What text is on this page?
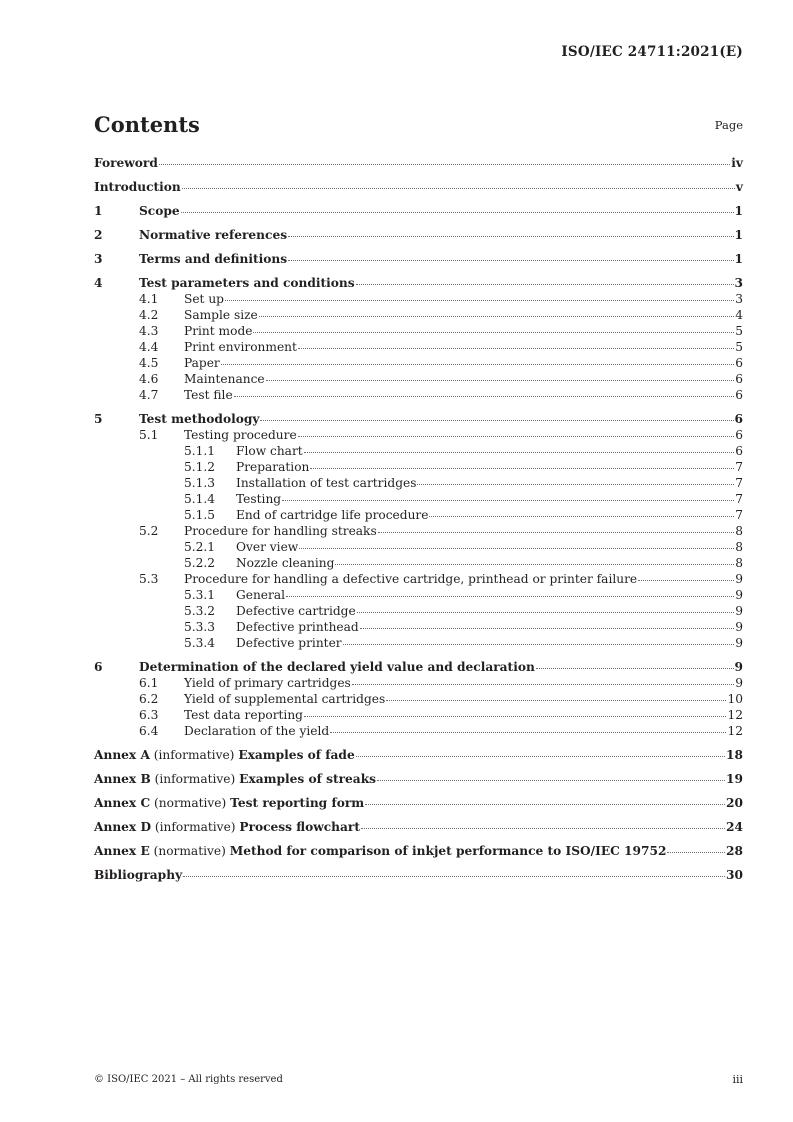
ISO/IEC 24711:2021(E)
Contents	Page
Foreword	iv
Introduction	v
1	Scope	1
2	Normative references	1
3	Terms and definitions	1
4	Test parameters and conditions	3
4.1	Set up	3
4.2	Sample size	4
4.3	Print mode	5
4.4	Print environment	5
4.5	Paper	6
4.6	Maintenance	6
4.7	Test file	6
5	Test methodology	6
5.1	Testing procedure	6
5.1.1	Flow chart	6
5.1.2	Preparation	7
5.1.3	Installation of test cartridges	7
5.1.4	Testing	7
5.1.5	End of cartridge life procedure	7
5.2	Procedure for handling streaks	8
5.2.1	Over view	8
5.2.2	Nozzle cleaning	8
5.3	Procedure for handling a defective cartridge, printhead or printer failure	9
5.3.1	General	9
5.3.2	Defective cartridge	9
5.3.3	Defective printhead	9
5.3.4	Defective printer	9
6	Determination of the declared yield value and declaration	9
6.1	Yield of primary cartridges	9
6.2	Yield of supplemental cartridges	10
6.3	Test data reporting	12
6.4	Declaration of the yield	12
Annex A (informative) Examples of fade	18
Annex B (informative) Examples of streaks	19
Annex C (normative) Test reporting form	20
Annex D (informative) Process flowchart	24
Annex E (normative) Method for comparison of inkjet performance to ISO/IEC 19752	28
Bibliography	30
© ISO/IEC 2021 – All rights reserved	iii
